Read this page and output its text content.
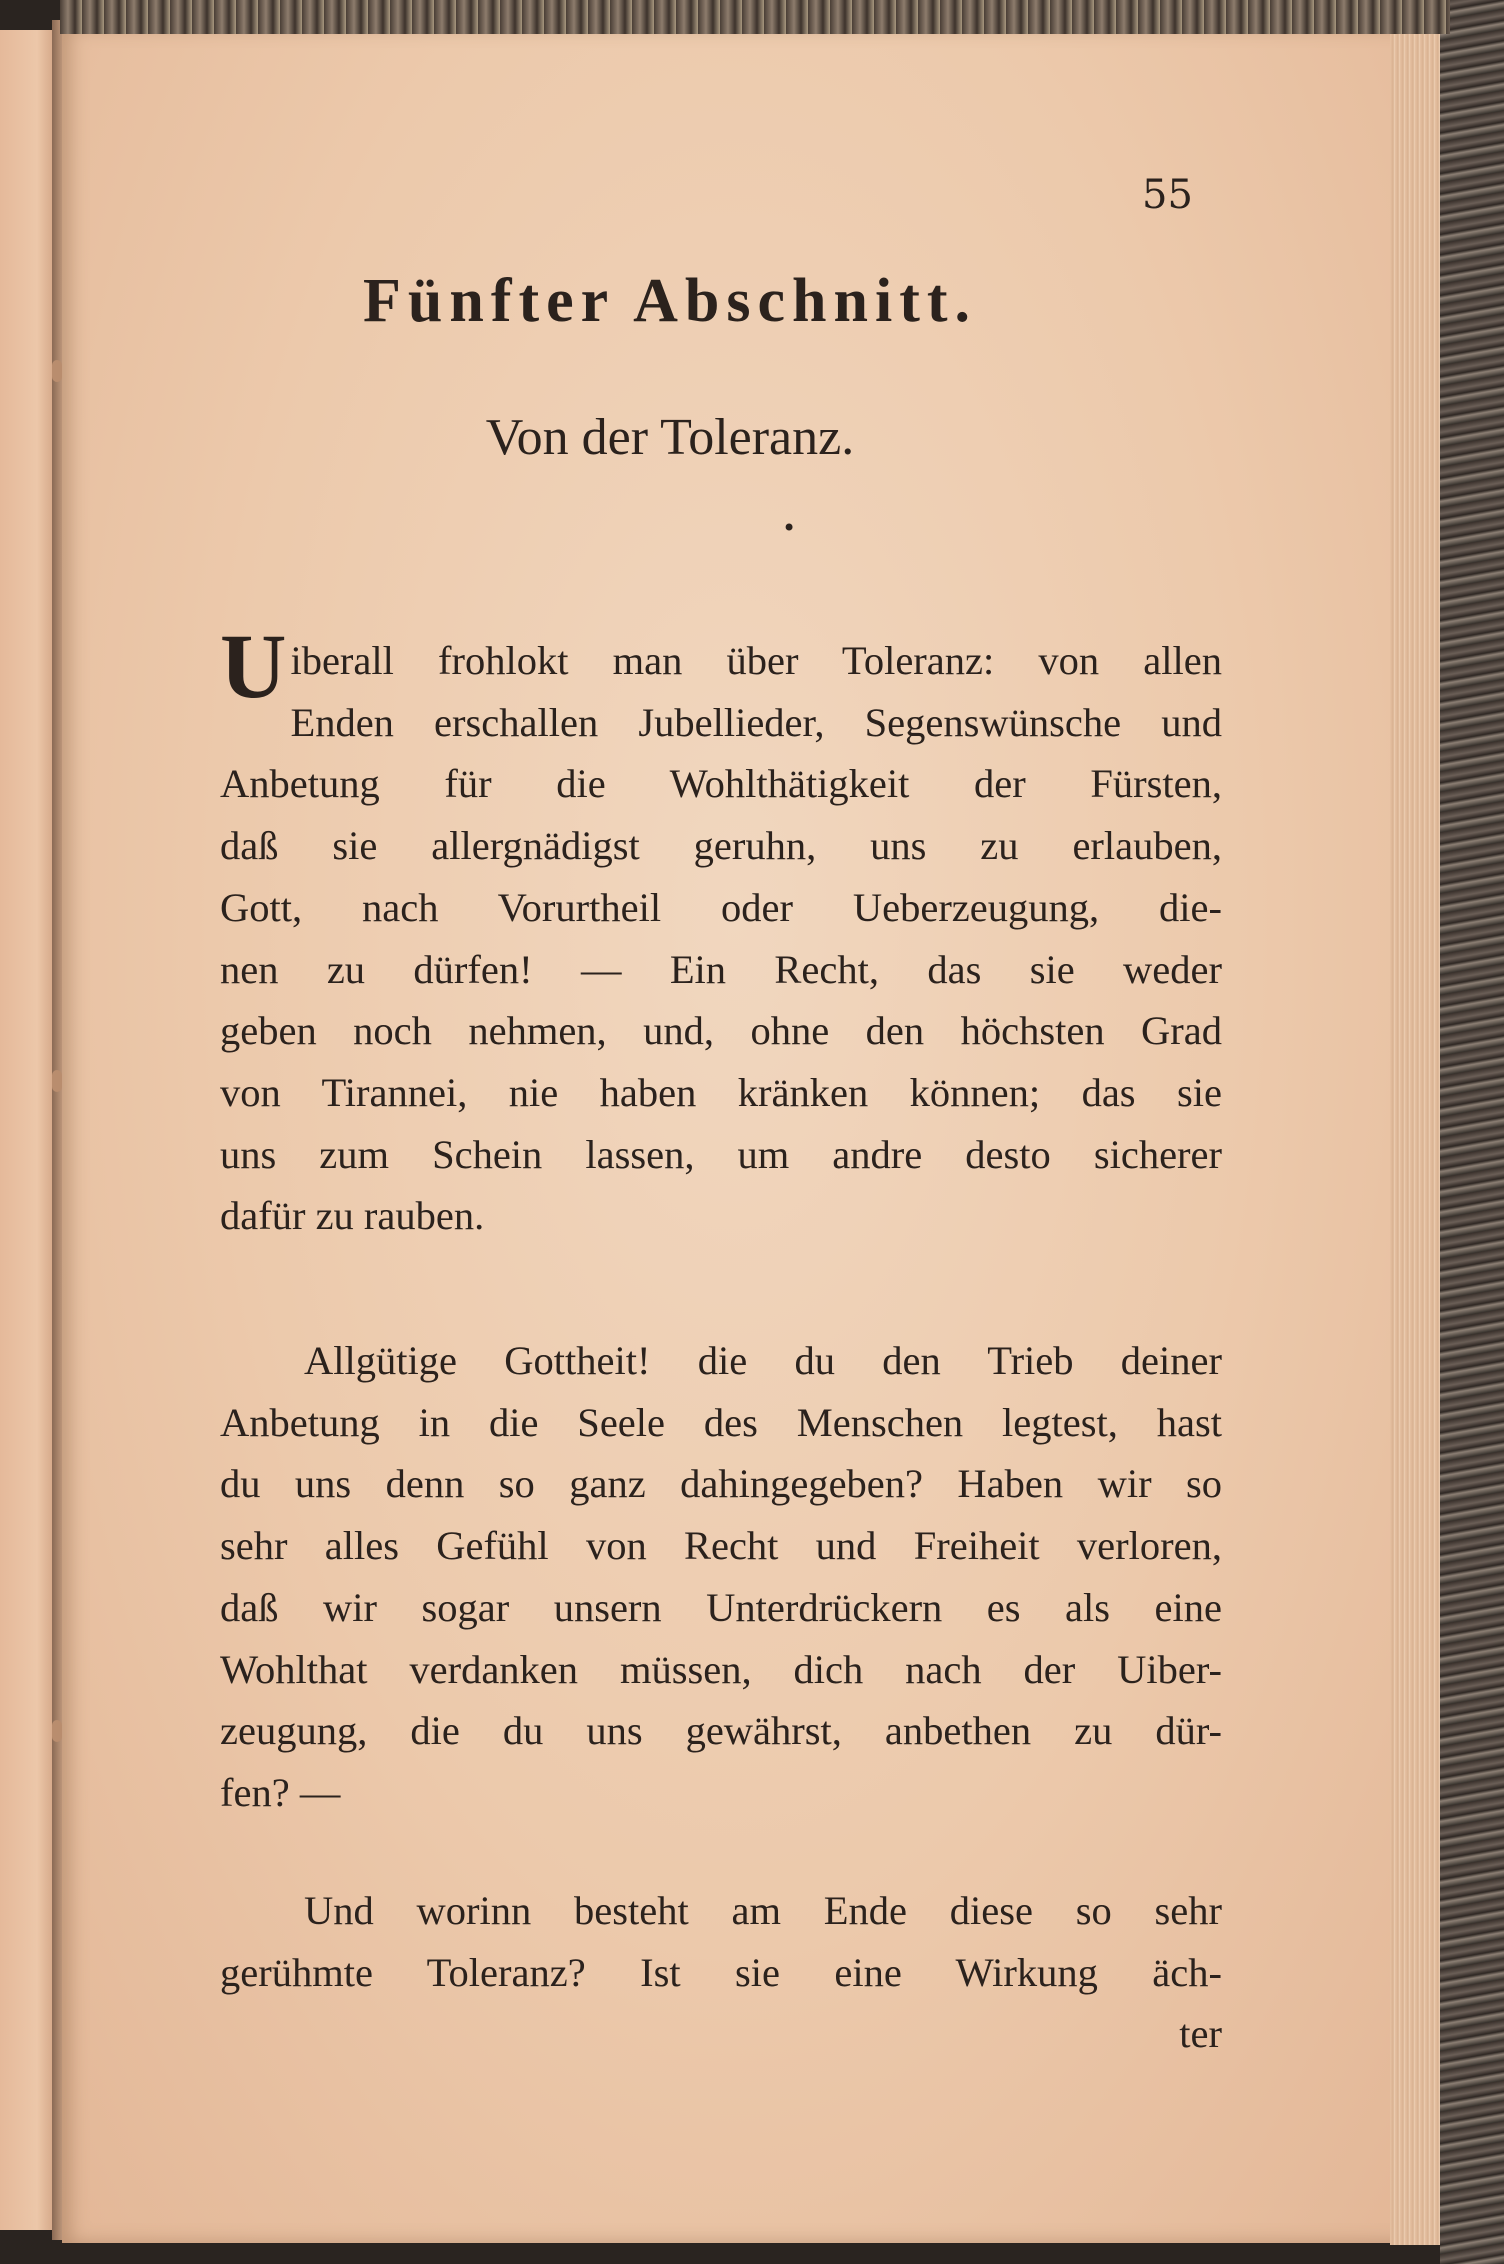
55
Fünfter Abschnitt.
Von der Toleranz.
•
U iberall frohlokt man über Toleranz: von allen
Enden erschallen Jubellieder, Segenswünsche und
Anbetung für die Wohlthätigkeit der Fürsten,
daß sie allergnädigst geruhn, uns zu erlauben,
Gott, nach Vorurtheil oder Ueberzeugung, die-
nen zu dürfen! — Ein Recht, das sie weder
geben noch nehmen, und, ohne den höchsten Grad
von Tirannei, nie haben kränken können; das sie
uns zum Schein lassen, um andre desto sicherer
dafür zu rauben.
Allgütige Gottheit! die du den Trieb deiner
Anbetung in die Seele des Menschen legtest, hast
du uns denn so ganz dahingegeben? Haben wir so
sehr alles Gefühl von Recht und Freiheit verloren,
daß wir sogar unsern Unterdrückern es als eine
Wohlthat verdanken müssen, dich nach der Uiber-
zeugung, die du uns gewährst, anbethen zu dür-
fen? —
Und worinn besteht am Ende diese so sehr
gerühmte Toleranz? Ist sie eine Wirkung äch-
ter
